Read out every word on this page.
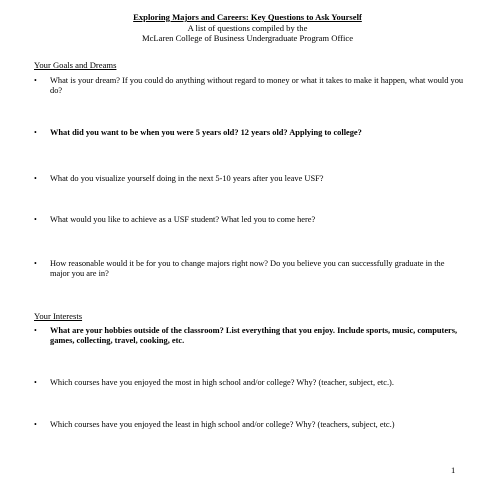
Exploring Majors and Careers: Key Questions to Ask Yourself
A list of questions compiled by the
McLaren College of Business Undergraduate Program Office
Your Goals and Dreams
• What is your dream? If you could do anything without regard to money or what it takes to make it happen, what would you do?
• What did you want to be when you were 5 years old? 12 years old? Applying to college?
• What do you visualize yourself doing in the next 5-10 years after you leave USF?
• What would you like to achieve as a USF student? What led you to come here?
• How reasonable would it be for you to change majors right now? Do you believe you can successfully graduate in the major you are in?
Your Interests
• What are your hobbies outside of the classroom? List everything that you enjoy. Include sports, music, computers, games, collecting, travel, cooking, etc.
• Which courses have you enjoyed the most in high school and/or college? Why? (teacher, subject, etc.).
• Which courses have you enjoyed the least in high school and/or college? Why? (teachers, subject, etc.)
1
